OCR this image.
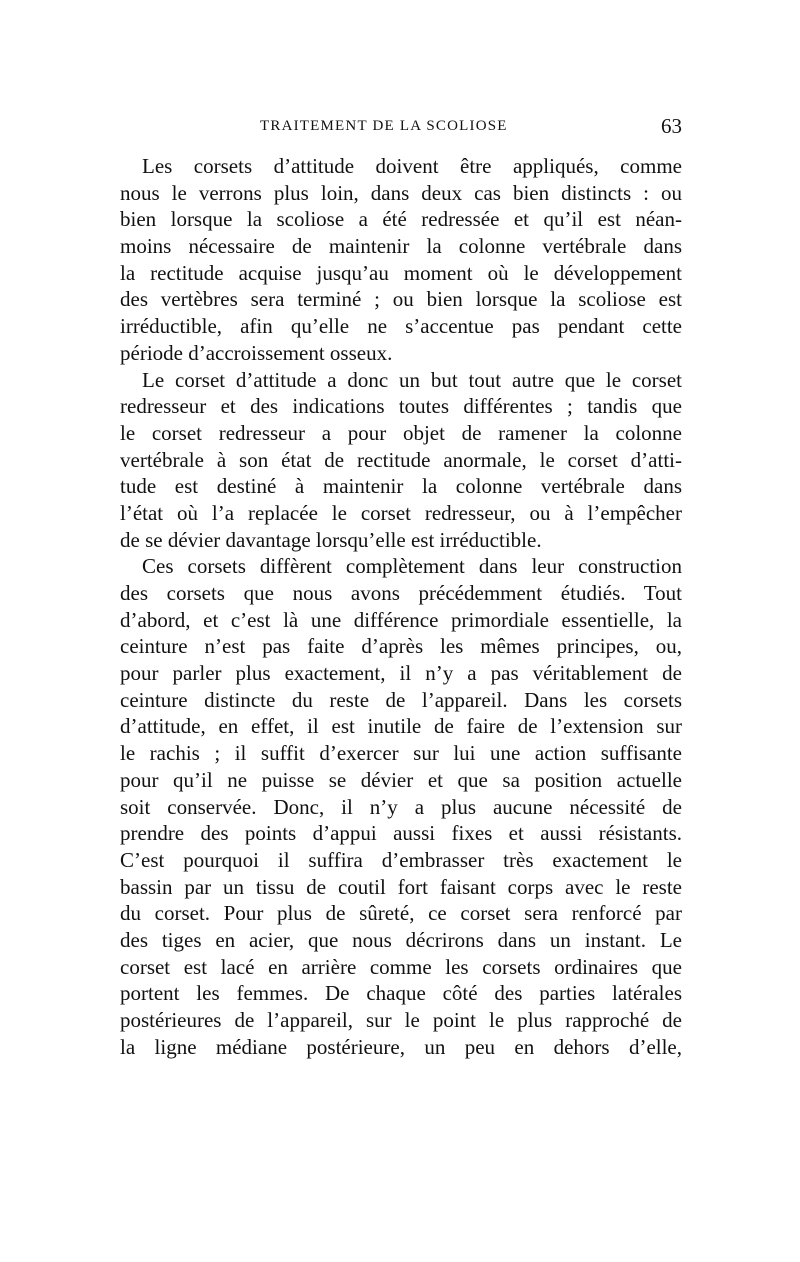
TRAITEMENT DE LA SCOLIOSE	63
Les corsets d’attitude doivent être appliqués, comme
nous le verrons plus loin, dans deux cas bien distincts : ou
bien lorsque la scoliose a été redressée et qu’il est néan-
moins nécessaire de maintenir la colonne vertébrale dans
la rectitude acquise jusqu’au moment où le développement
des vertèbres sera terminé ; ou bien lorsque la scoliose est
irréductible, afin qu’elle ne s’accentue pas pendant cette
période d’accroissement osseux.
Le corset d’attitude a donc un but tout autre que le corset
redresseur et des indications toutes différentes ; tandis que
le corset redresseur a pour objet de ramener la colonne
vertébrale à son état de rectitude anormale, le corset d’atti-
tude est destiné à maintenir la colonne vertébrale dans
l’état où l’a replacée le corset redresseur, ou à l’empêcher
de se dévier davantage lorsqu’elle est irréductible.
Ces corsets diffèrent complètement dans leur construction
des corsets que nous avons précédemment étudiés. Tout
d’abord, et c’est là une différence primordiale essentielle, la
ceinture n’est pas faite d’après les mêmes principes, ou,
pour parler plus exactement, il n’y a pas véritablement de
ceinture distincte du reste de l’appareil. Dans les corsets
d’attitude, en effet, il est inutile de faire de l’extension sur
le rachis ; il suffit d’exercer sur lui une action suffisante
pour qu’il ne puisse se dévier et que sa position actuelle
soit conservée. Donc, il n’y a plus aucune nécessité de
prendre des points d’appui aussi fixes et aussi résistants.
C’est pourquoi il suffira d’embrasser très exactement le
bassin par un tissu de coutil fort faisant corps avec le reste
du corset. Pour plus de sûreté, ce corset sera renforcé par
des tiges en acier, que nous décrirons dans un instant. Le
corset est lacé en arrière comme les corsets ordinaires que
portent les femmes. De chaque côté des parties latérales
postérieures de l’appareil, sur le point le plus rapproché de
la ligne médiane postérieure, un peu en dehors d’elle,
